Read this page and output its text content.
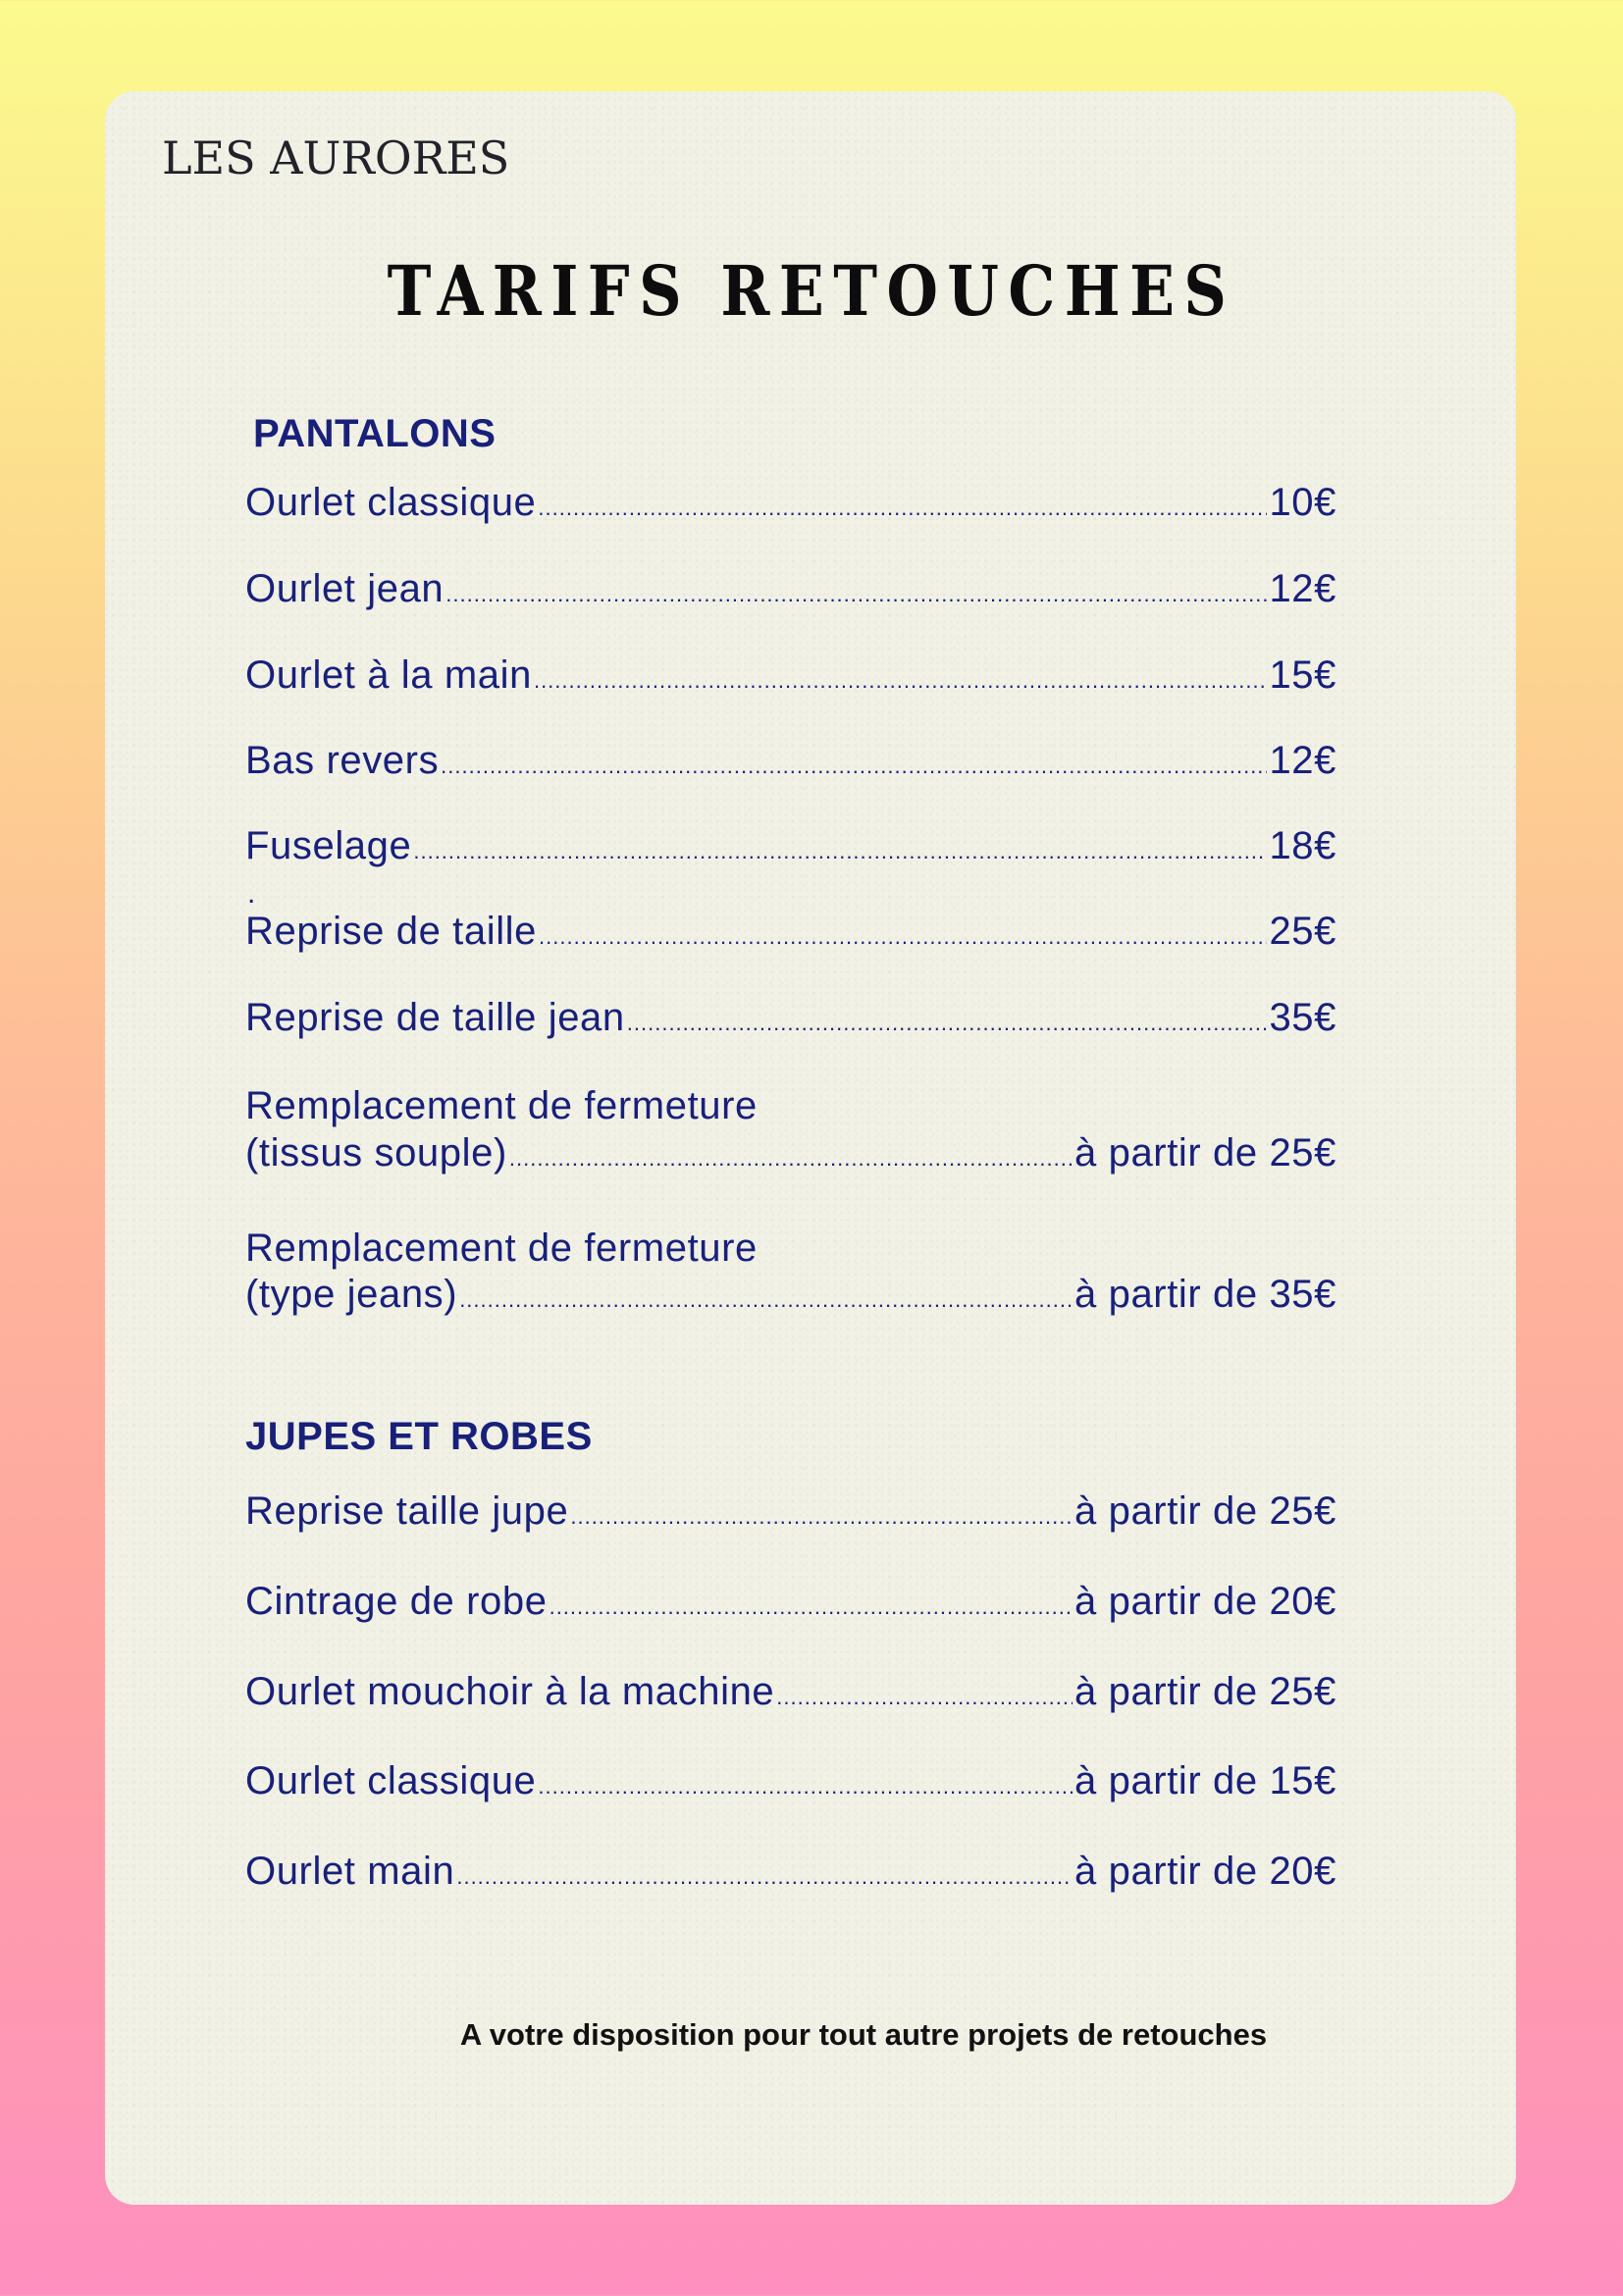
LES AURORES
TARIFS RETOUCHES
PANTALONS
Ourlet classique .....	10€
Ourlet jean .....	12€
Ourlet à la main .....	15€
Bas revers .....	12€
Fuselage .....	18€
.
Reprise de taille .....	25€
Reprise de taille jean .....	35€
Remplacement de fermeture
(tissus souple) .....	à partir de 25€
Remplacement de fermeture
(type jeans) .....	à partir de 35€
JUPES ET ROBES
Reprise taille jupe .....	à partir de 25€
Cintrage de robe .....	à partir de 20€
Ourlet mouchoir à la machine .....	à partir de 25€
Ourlet classique .....	à partir de 15€
Ourlet main .....	à partir de 20€
A votre disposition pour tout autre projets de retouches
